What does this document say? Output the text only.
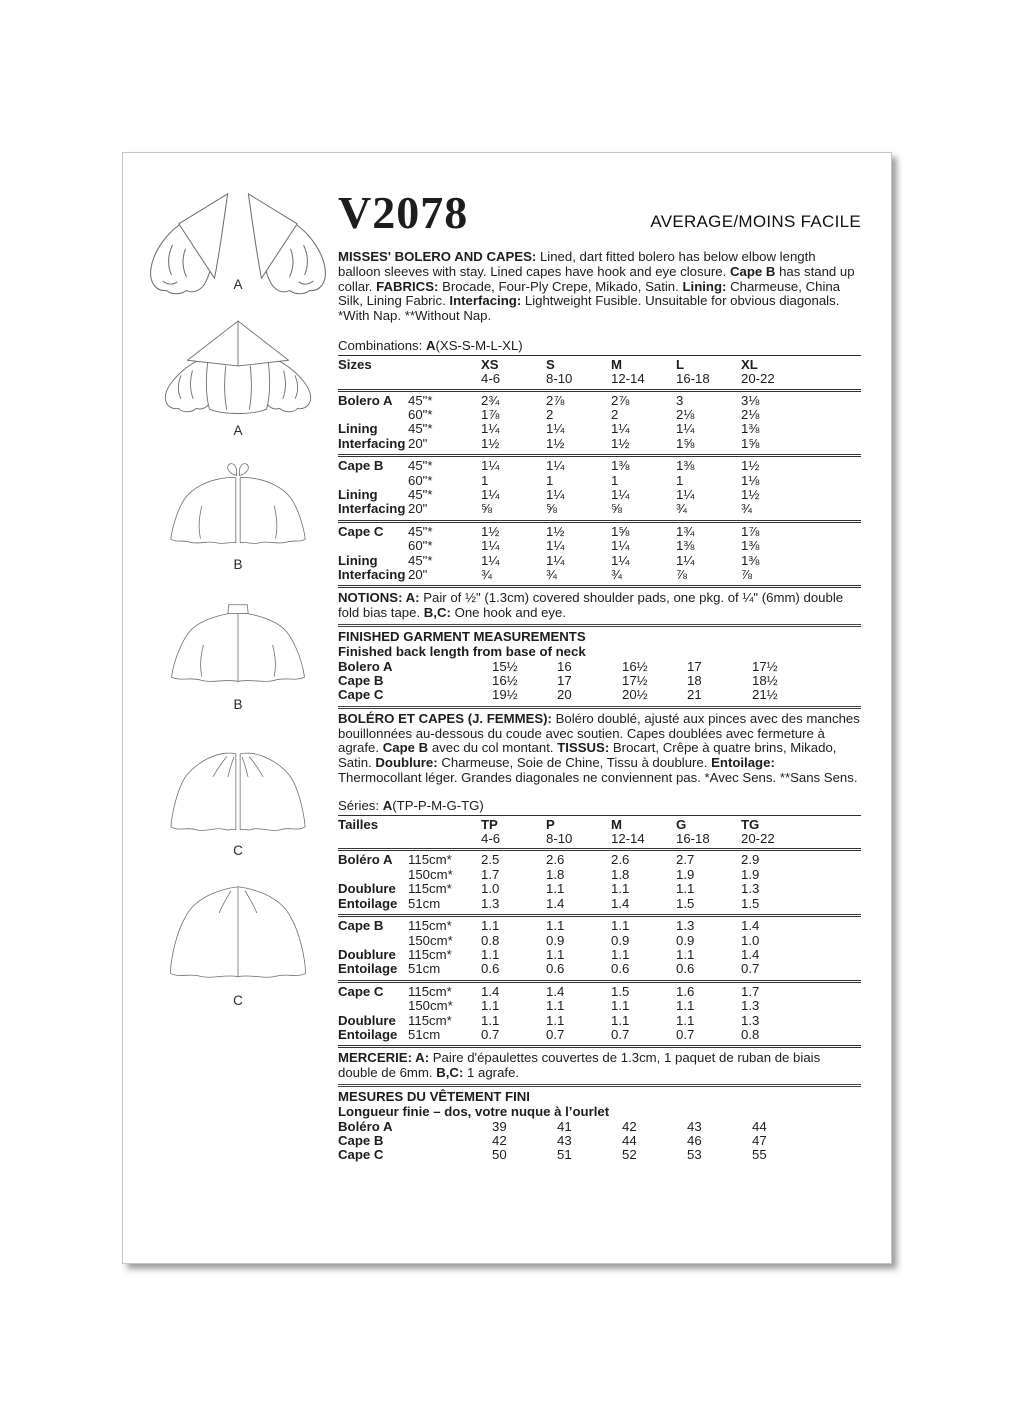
A
A
B
B
C
C
V2078	AVERAGE/MOINS FACILE

MISSES' BOLERO AND CAPES: Lined, dart fitted bolero has below elbow length balloon sleeves with stay. Lined capes have hook and eye closure. Cape B has stand up collar. FABRICS: Brocade, Four-Ply Crepe, Mikado, Satin. Lining: Charmeuse, China Silk, Lining Fabric. Interfacing: Lightweight Fusible. Unsuitable for obvious diagonals. *With Nap. **Without Nap.

Combinations: A(XS-S-M-L-XL)
Sizes	XS	S	M	L	XL
4-6	8-10	12-14	16-18	20-22
Bolero A	45"*	2¾	2⅞	2⅞	3	3⅛
60"*	1⅞	2	2	2⅛	2⅛
Lining	45"*	1¼	1¼	1¼	1¼	1⅜
Interfacing 20"	1½	1½	1½	1⅝	1⅝
Cape B	45"*	1¼	1¼	1⅜	1⅜	1½
60"*	1	1	1	1	1⅛
Lining	45"*	1¼	1¼	1¼	1¼	1½
Interfacing 20"	⅝	⅝	⅝	¾	¾
Cape C	45"*	1½	1½	1⅝	1¾	1⅞
60"*	1¼	1¼	1¼	1⅜	1⅜
Lining	45"*	1¼	1¼	1¼	1¼	1⅜
Interfacing 20"	¾	¾	¾	⅞	⅞

NOTIONS: A: Pair of ½" (1.3cm) covered shoulder pads, one pkg. of ¼" (6mm) double fold bias tape. B,C: One hook and eye.

FINISHED GARMENT MEASUREMENTS
Finished back length from base of neck
Bolero A	15½	16	16½	17	17½
Cape B	16½	17	17½	18	18½
Cape C	19½	20	20½	21	21½

BOLÉRO ET CAPES (J. FEMMES): Boléro doublé, ajusté aux pinces avec des manches bouillonnées au-dessous du coude avec soutien. Capes doublées avec fermeture à agrafe. Cape B avec du col montant. TISSUS: Brocart, Crêpe à quatre brins, Mikado, Satin. Doublure: Charmeuse, Soie de Chine, Tissu à doublure. Entoilage: Thermocollant léger. Grandes diagonales ne conviennent pas. *Avec Sens. **Sans Sens.

Séries: A(TP-P-M-G-TG)
Tailles	TP	P	M	G	TG
4-6	8-10	12-14	16-18	20-22
Boléro A	115cm*	2.5	2.6	2.6	2.7	2.9
150cm*	1.7	1.8	1.8	1.9	1.9
Doublure 115cm*	1.0	1.1	1.1	1.1	1.3
Entoilage 51cm	1.3	1.4	1.4	1.5	1.5
Cape B	115cm*	1.1	1.1	1.1	1.3	1.4
150cm*	0.8	0.9	0.9	0.9	1.0
Doublure 115cm*	1.1	1.1	1.1	1.1	1.4
Entoilage 51cm	0.6	0.6	0.6	0.6	0.7
Cape C	115cm*	1.4	1.4	1.5	1.6	1.7
150cm*	1.1	1.1	1.1	1.1	1.3
Doublure 115cm*	1.1	1.1	1.1	1.1	1.3
Entoilage 51cm	0.7	0.7	0.7	0.7	0.8

MERCERIE: A: Paire d'épaulettes couvertes de 1.3cm, 1 paquet de ruban de biais double de 6mm. B,C: 1 agrafe.

MESURES DU VÊTEMENT FINI
Longueur finie – dos, votre nuque à l’ourlet
Boléro A	39	41	42	43	44
Cape B	42	43	44	46	47
Cape C	50	51	52	53	55
